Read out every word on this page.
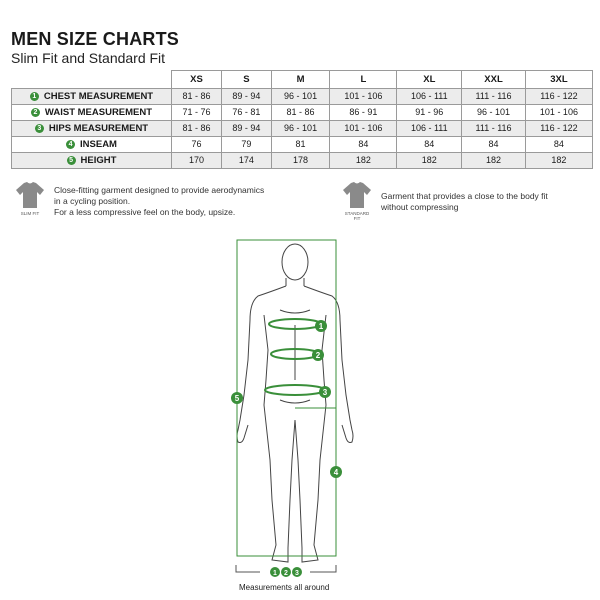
MEN SIZE CHARTS
Slim Fit and Standard Fit
	XS	S	M	L	XL	XXL	3XL
1 CHEST MEASUREMENT	81 - 86	89 - 94	96 - 101	101 - 106	106 - 111	111 - 116	116 - 122
2 WAIST MEASUREMENT	71 - 76	76 - 81	81 - 86	86 - 91	91 - 96	96 - 101	101 - 106
3 HIPS MEASUREMENT	81 - 86	89 - 94	96 - 101	101 - 106	106 - 111	111 - 116	116 - 122
4 INSEAM	76	79	81	84	84	84	84
5 HEIGHT	170	174	178	182	182	182	182
SLIM FIT
Close-fitting garment designed to provide aerodynamics
in a cycling position.
For a less compressive feel on the body, upsize.	STANDARD FIT
Garment that provides a close to the body fit
without compressing
1
2
3
4
5
1 2 3
Measurements all around
